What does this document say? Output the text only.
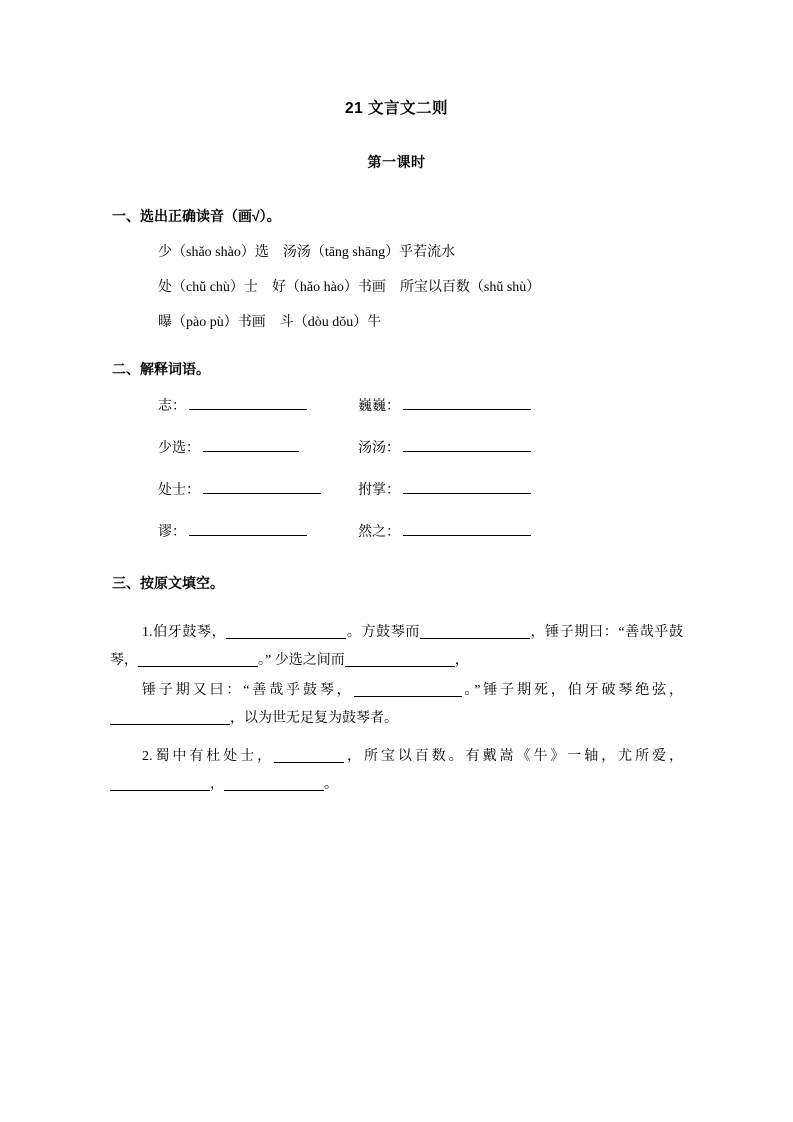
21 文言文二则
第一课时
一、选出正确读音（画√）。
少（shǎo shào）选 汤汤（tāng shāng）乎若流水
处（chǔ chù）士 好（hǎo hào）书画 所宝以百数（shǔ shù）
曝（pào pù）书画 斗（dòu dǒu）牛
二、解释词语。
志：	巍巍：
少选：	汤汤：
处士：	拊掌：
谬：	然之：
三、按原文填空。
1.伯牙鼓琴，	。方鼓琴而	，锤子期曰：“善哉乎鼓琴，	。” 少选之间而	，
锤子期又曰：“善哉乎鼓琴，	。”锤子期死，伯牙破琴绝弦，，以为世无足复为鼓琴者。
2.蜀中有杜处士，	，所宝以百数。有戴嵩《牛》一轴，尤所爱，，	。
